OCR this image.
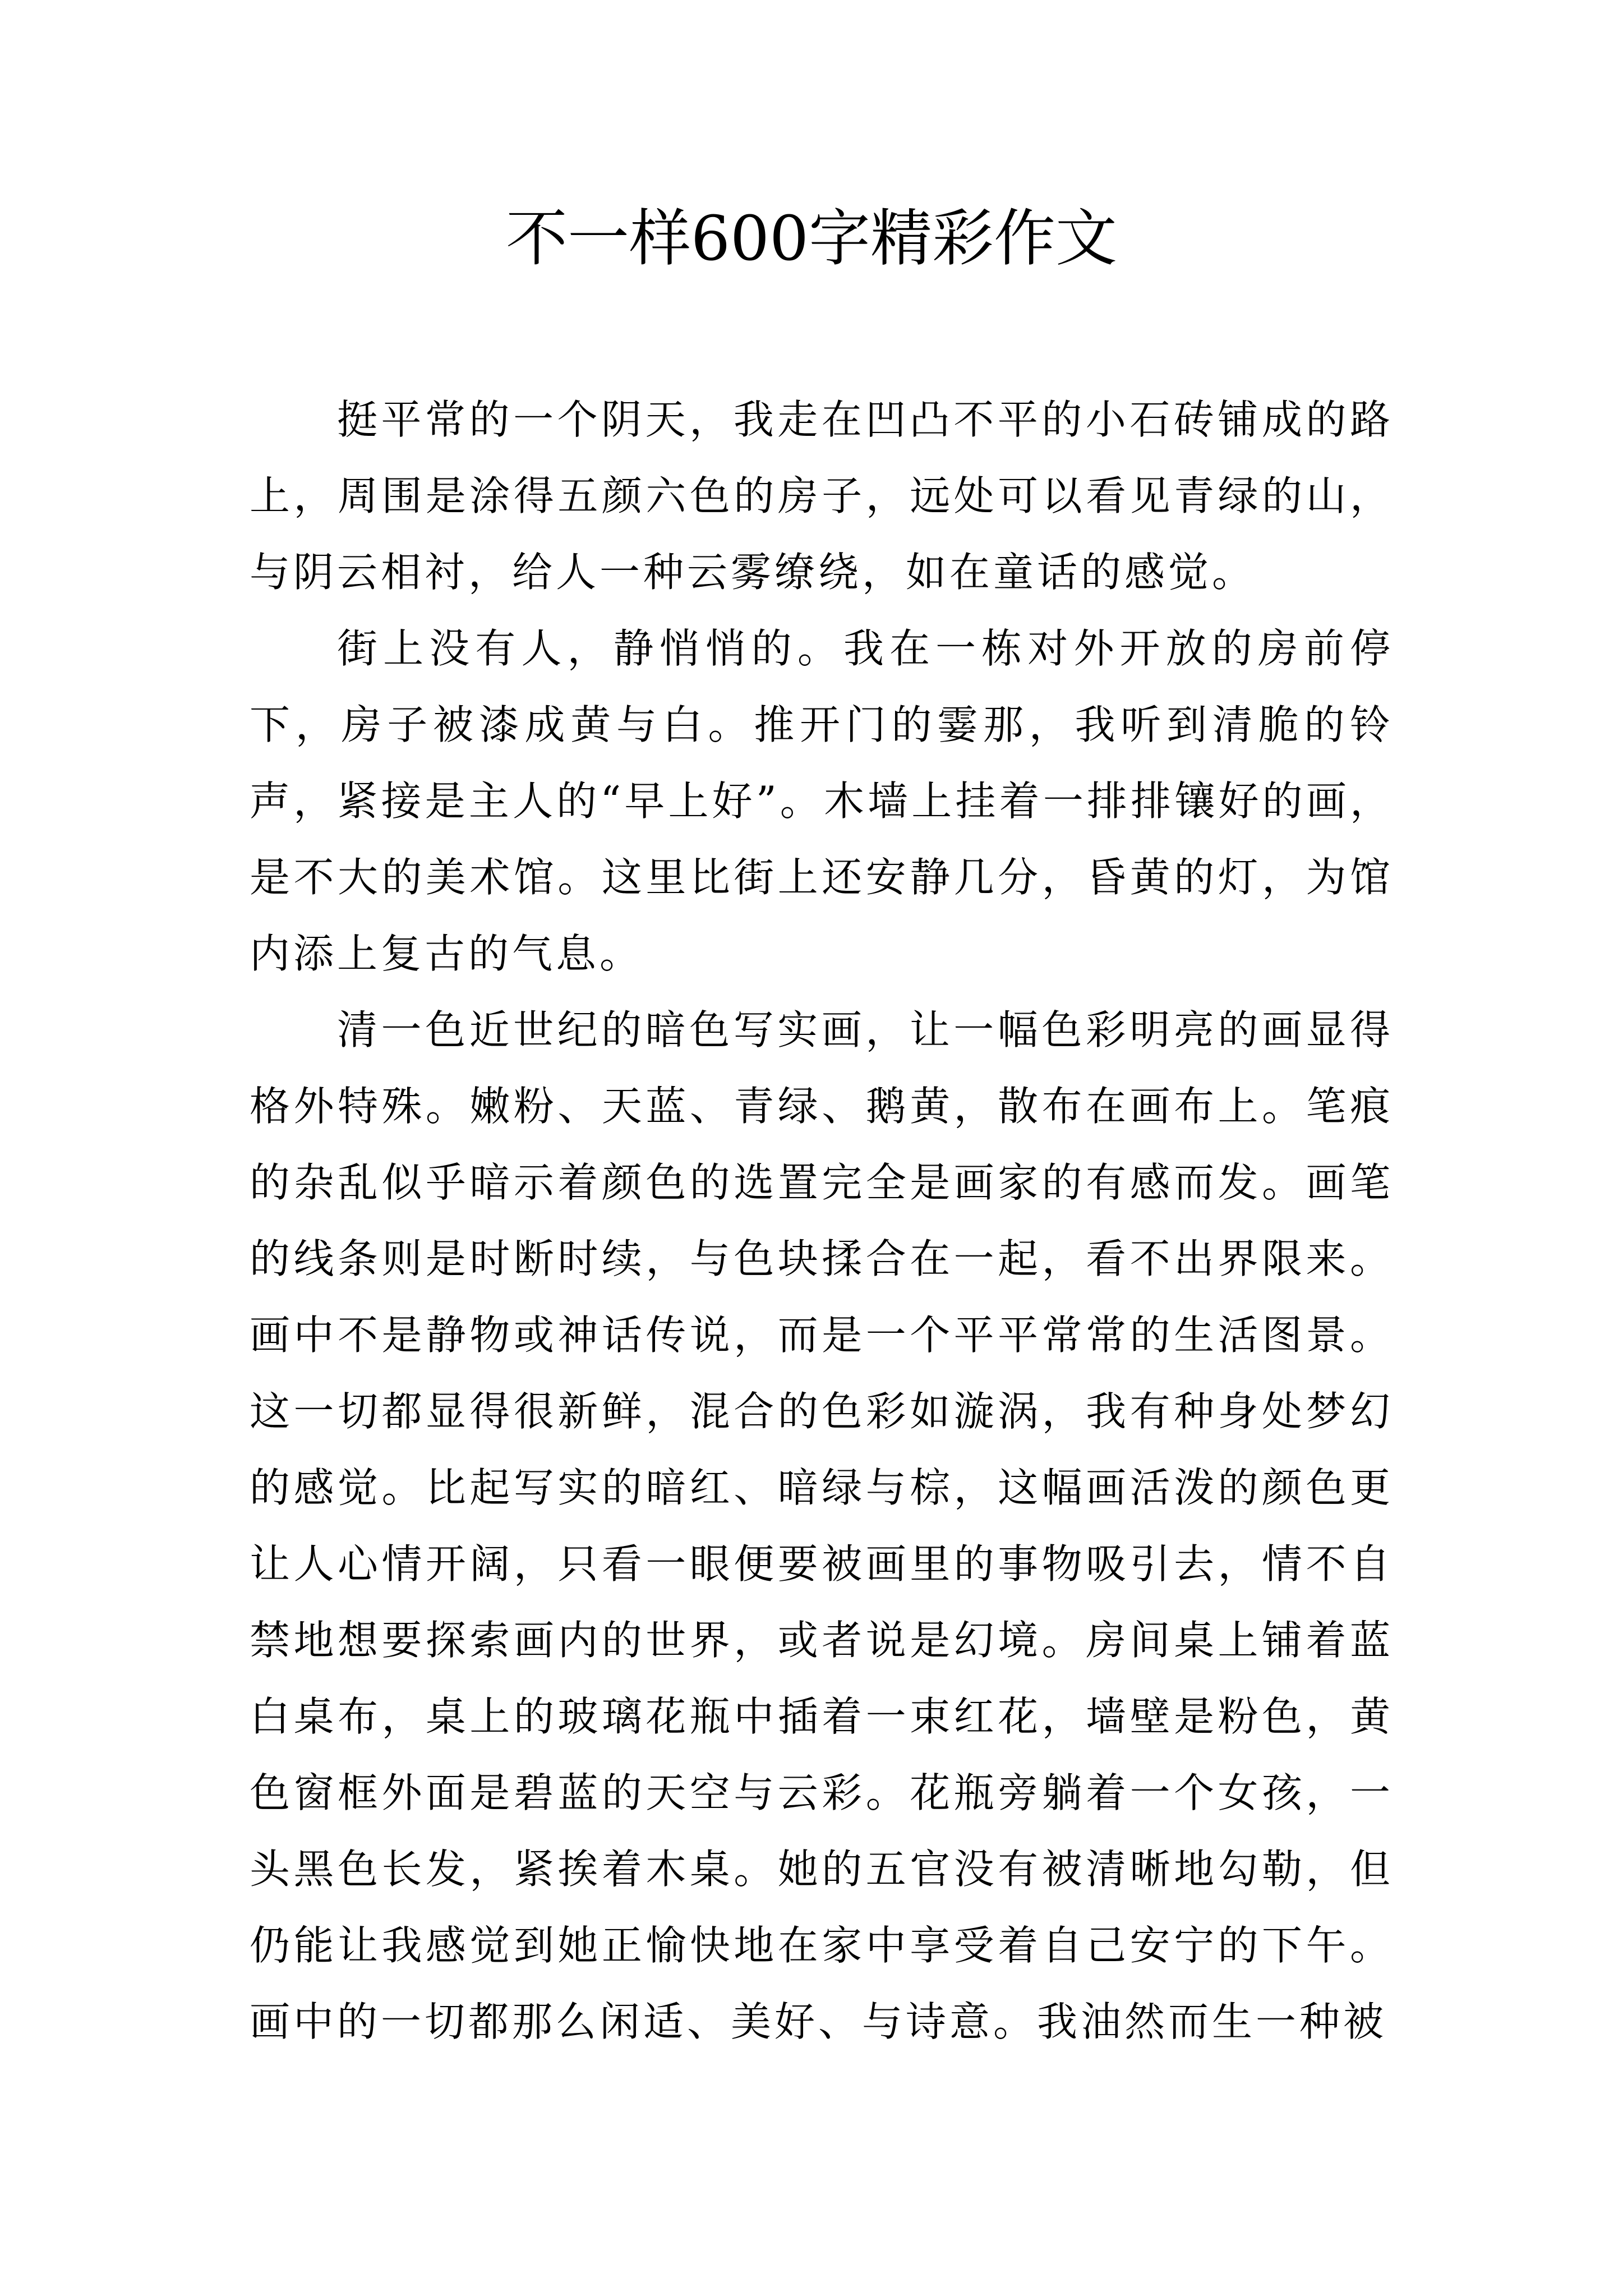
不一样600字精彩作文

挺平常的一个阴天，我走在凹凸不平的小石砖铺成的路上，周围是涂得五颜六色的房子，远处可以看见青绿的山，与阴云相衬，给人一种云雾缭绕，如在童话的感觉。

街上没有人，静悄悄的。我在一栋对外开放的房前停下，房子被漆成黄与白。推开门的霎那，我听到清脆的铃声，紧接是主人的“早上好”。木墙上挂着一排排镶好的画，是不大的美术馆。这里比街上还安静几分，昏黄的灯，为馆内添上复古的气息。

清一色近世纪的暗色写实画，让一幅色彩明亮的画显得格外特殊。嫩粉、天蓝、青绿、鹅黄，散布在画布上。笔痕的杂乱似乎暗示着颜色的选置完全是画家的有感而发。画笔的线条则是时断时续，与色块揉合在一起，看不出界限来。画中不是静物或神话传说，而是一个平平常常的生活图景。这一切都显得很新鲜，混合的色彩如漩涡，我有种身处梦幻的感觉。比起写实的暗红、暗绿与棕，这幅画活泼的颜色更让人心情开阔，只看一眼便要被画里的事物吸引去，情不自禁地想要探索画内的世界，或者说是幻境。房间桌上铺着蓝白桌布，桌上的玻璃花瓶中插着一束红花，墙壁是粉色，黄色窗框外面是碧蓝的天空与云彩。花瓶旁躺着一个女孩，一头黑色长发，紧挨着木桌。她的五官没有被清晰地勾勒，但仍能让我感觉到她正愉快地在家中享受着自己安宁的下午。画中的一切都那么闲适、美好、与诗意。我油然而生一种被
